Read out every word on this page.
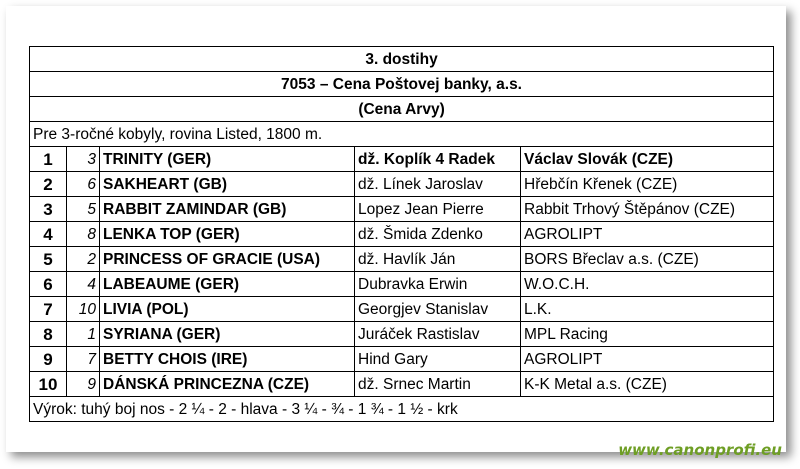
3. dostihy				
7053 – Cena Poštovej banky, a.s.				
(Cena Arvy)				
Pre 3-ročné kobyly, rovina Listed, 1800 m.				
1	3	TRINITY (GER)	dž. Koplík 4 Radek	Václav Slovák (CZE)
2	6	SAKHEART (GB)	dž. Línek Jaroslav	Hřebčín Křenek (CZE)
3	5	RABBIT ZAMINDAR (GB)	Lopez Jean Pierre	Rabbit Trhový Štěpánov (CZE)
4	8	LENKA TOP (GER)	dž. Šmida Zdenko	AGROLIPT
5	2	PRINCESS OF GRACIE (USA)	dž. Havlík Ján	BORS Břeclav a.s. (CZE)
6	4	LABEAUME (GER)	Dubravka Erwin	W.O.C.H.
7	10	LIVIA (POL)	Georgjev Stanislav	L.K.
8	1	SYRIANA (GER)	Juráček Rastislav	MPL Racing
9	7	BETTY CHOIS (IRE)	Hind Gary	AGROLIPT
10	9	DÁNSKÁ PRINCEZNA (CZE)	dž. Srnec Martin	K-K Metal a.s. (CZE)
Výrok: tuhý boj nos - 2 ¼ - 2 - hlava - 3 ¼ - ¾ - 1 ¾ - 1 ½ - krk				
www.canonprofi.eu
